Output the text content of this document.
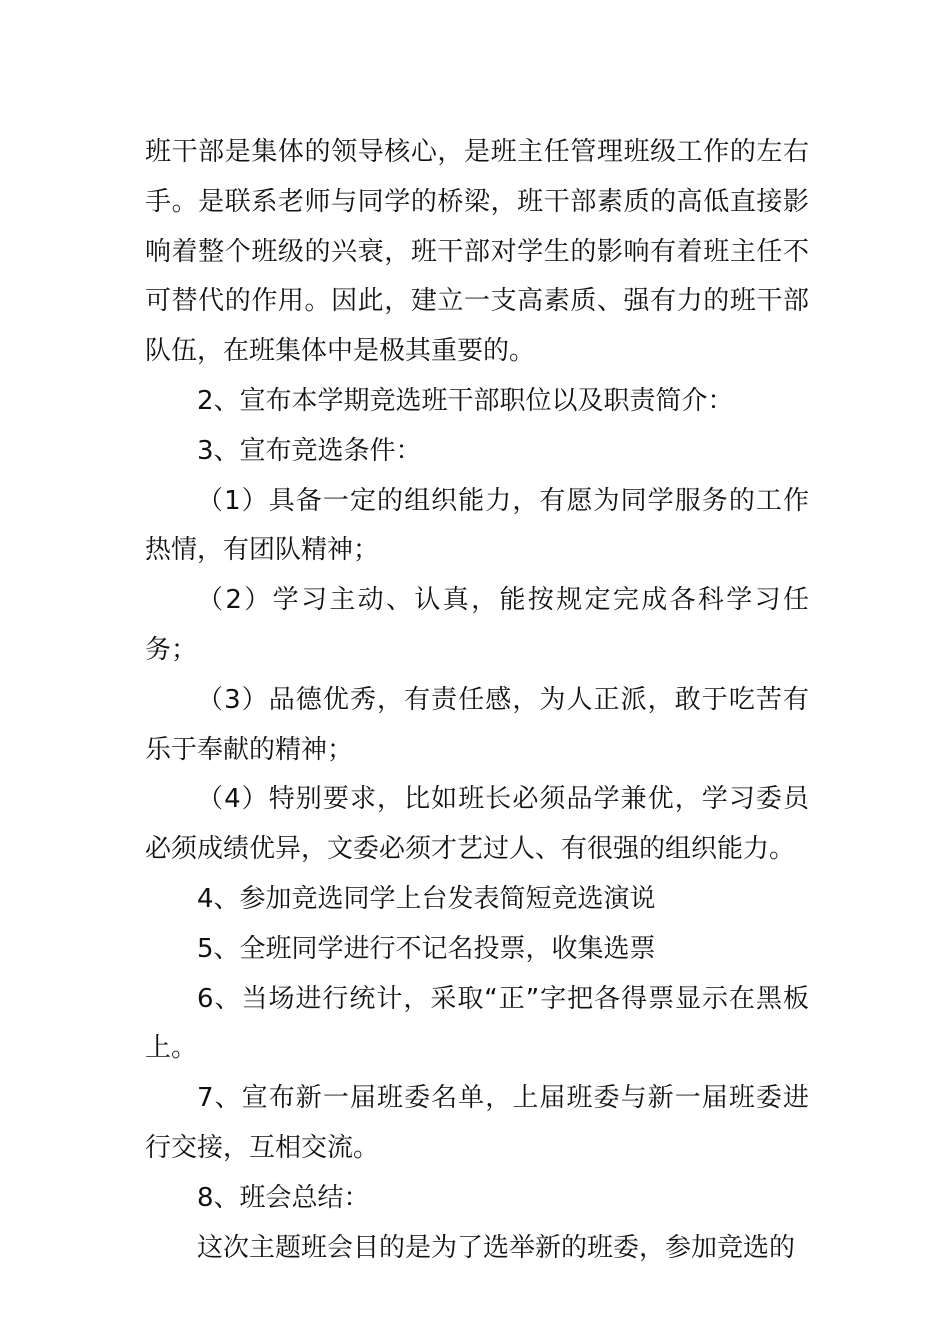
班干部是集体的领导核心，是班主任管理班级工作的左右手。是联系老师与同学的桥梁，班干部素质的高低直接影响着整个班级的兴衰，班干部对学生的影响有着班主任不可替代的作用。因此，建立一支高素质、强有力的班干部队伍，在班集体中是极其重要的。

2、宣布本学期竞选班干部职位以及职责简介：

3、宣布竞选条件：

（1）具备一定的组织能力，有愿为同学服务的工作热情，有团队精神；

（2）学习主动、认真，能按规定完成各科学习任务；

（3）品德优秀，有责任感，为人正派，敢于吃苦有乐于奉献的精神；

（4）特别要求，比如班长必须品学兼优，学习委员必须成绩优异，文委必须才艺过人、有很强的组织能力。

4、参加竞选同学上台发表简短竞选演说

5、全班同学进行不记名投票，收集选票

6、当场进行统计，采取“正”字把各得票显示在黑板上。

7、宣布新一届班委名单，上届班委与新一届班委进行交接，互相交流。

8、班会总结：

这次主题班会目的是为了选举新的班委，参加竞选的
